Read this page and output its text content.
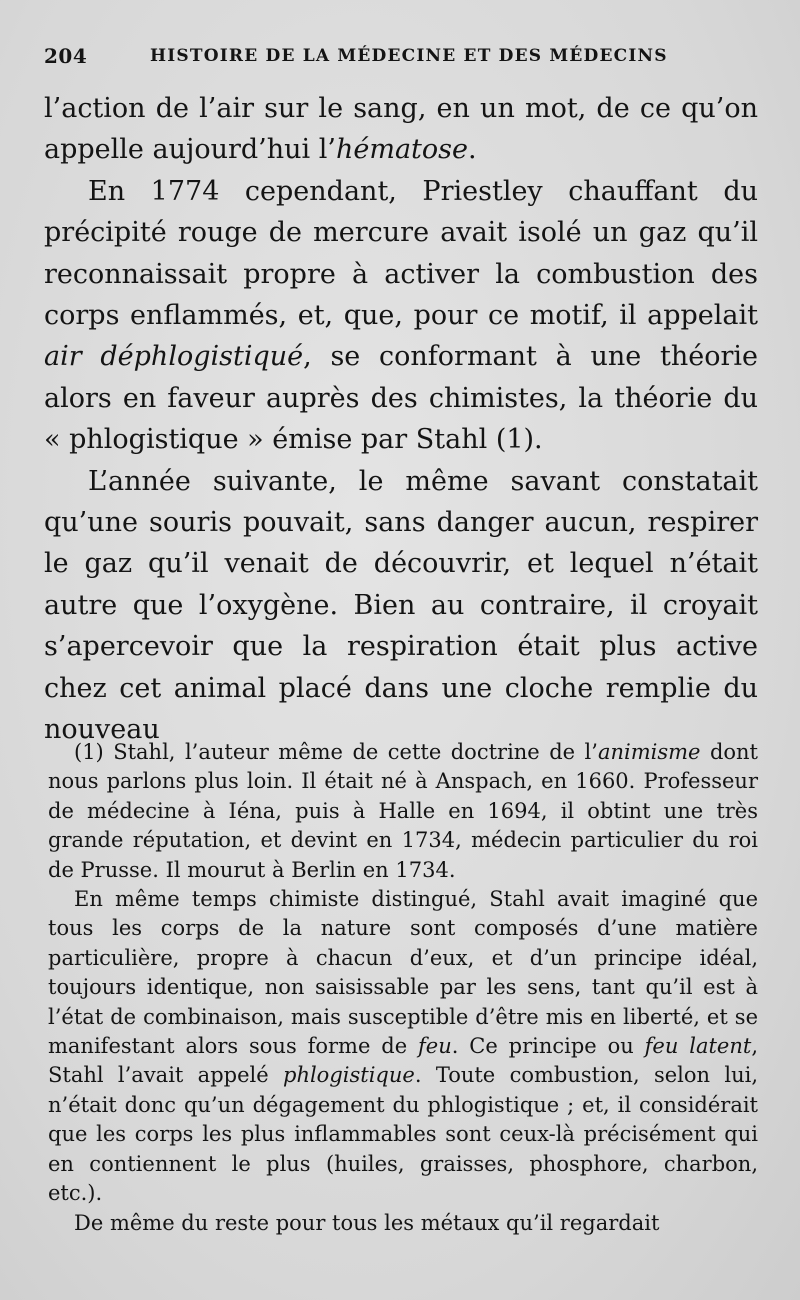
204	HISTOIRE DE LA MÉDECINE ET DES MÉDECINS

l’action de l’air sur le sang, en un mot, de ce qu’on appelle aujourd’hui l’hématose.

En 1774 cependant, Priestley chauffant du précipité rouge de mercure avait isolé un gaz qu’il reconnaissait propre à activer la combustion des corps enflammés, et, que, pour ce motif, il appelait air déphlogistiqué, se conformant à une théorie alors en faveur auprès des chimistes, la théorie du « phlogistique » émise par Stahl (1).

L’année suivante, le même savant constatait qu’une souris pouvait, sans danger aucun, respirer le gaz qu’il venait de découvrir, et lequel n’était autre que l’oxygène. Bien au contraire, il croyait s’apercevoir que la respiration était plus active chez cet animal placé dans une cloche remplie du nouveau

(1) Stahl, l’auteur même de cette doctrine de l’animisme dont nous parlons plus loin. Il était né à Anspach, en 1660. Professeur de médecine à Iéna, puis à Halle en 1694, il obtint une très grande réputation, et devint en 1734, médecin particulier du roi de Prusse. Il mourut à Berlin en 1734.

En même temps chimiste distingué, Stahl avait imaginé que tous les corps de la nature sont composés d’une matière particulière, propre à chacun d’eux, et d’un principe idéal, toujours identique, non saisissable par les sens, tant qu’il est à l’état de combinaison, mais susceptible d’être mis en liberté, et se manifestant alors sous forme de feu. Ce principe ou feu latent, Stahl l’avait appelé phlogistique. Toute combustion, selon lui, n’était donc qu’un dégagement du phlogistique ; et, il considérait que les corps les plus inflammables sont ceux-là précisément qui en contiennent le plus (huiles, graisses, phosphore, charbon, etc.).

De même du reste pour tous les métaux qu’il regardait
